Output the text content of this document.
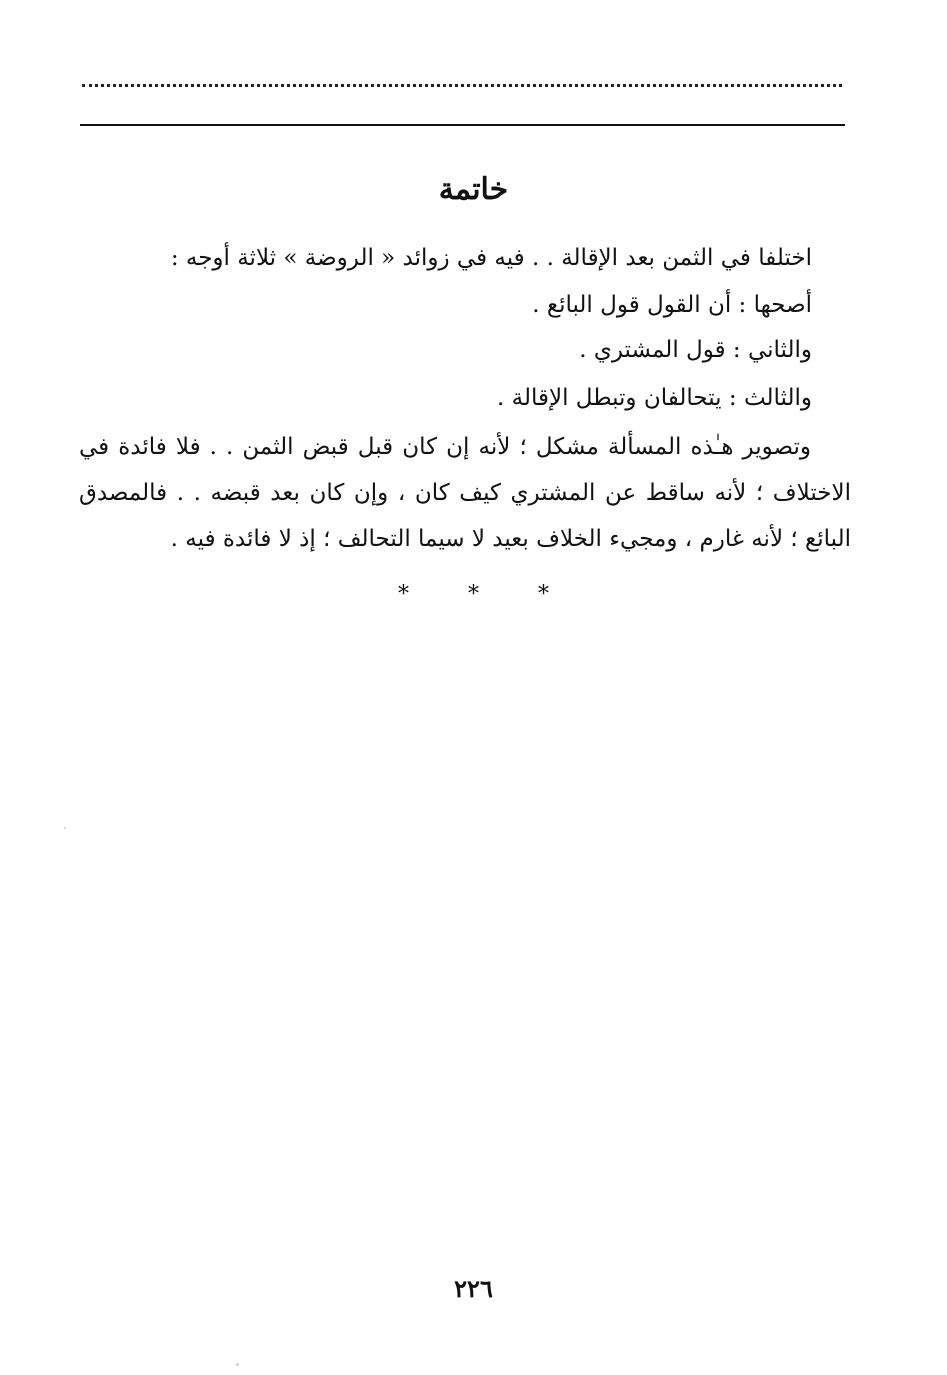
خاتمة

اختلفا في الثمن بعد الإقالة . . فيه في زوائد « الروضة » ثلاثة أوجه :

أصحها : أن القول قول البائع .

والثاني : قول المشتري .

والثالث : يتحالفان وتبطل الإقالة .

وتصوير هـٰذه المسألة مشكل ؛ لأنه إن كان قبل قبض الثمن . . فلا فائدة في الاختلاف ؛ لأنه ساقط عن المشتري كيف كان ، وإن كان بعد قبضه . . فالمصدق البائع ؛ لأنه غارم ، ومجيء الخلاف بعيد لا سيما التحالف ؛ إذ لا فائدة فيه .

* * *
٢٢٦
